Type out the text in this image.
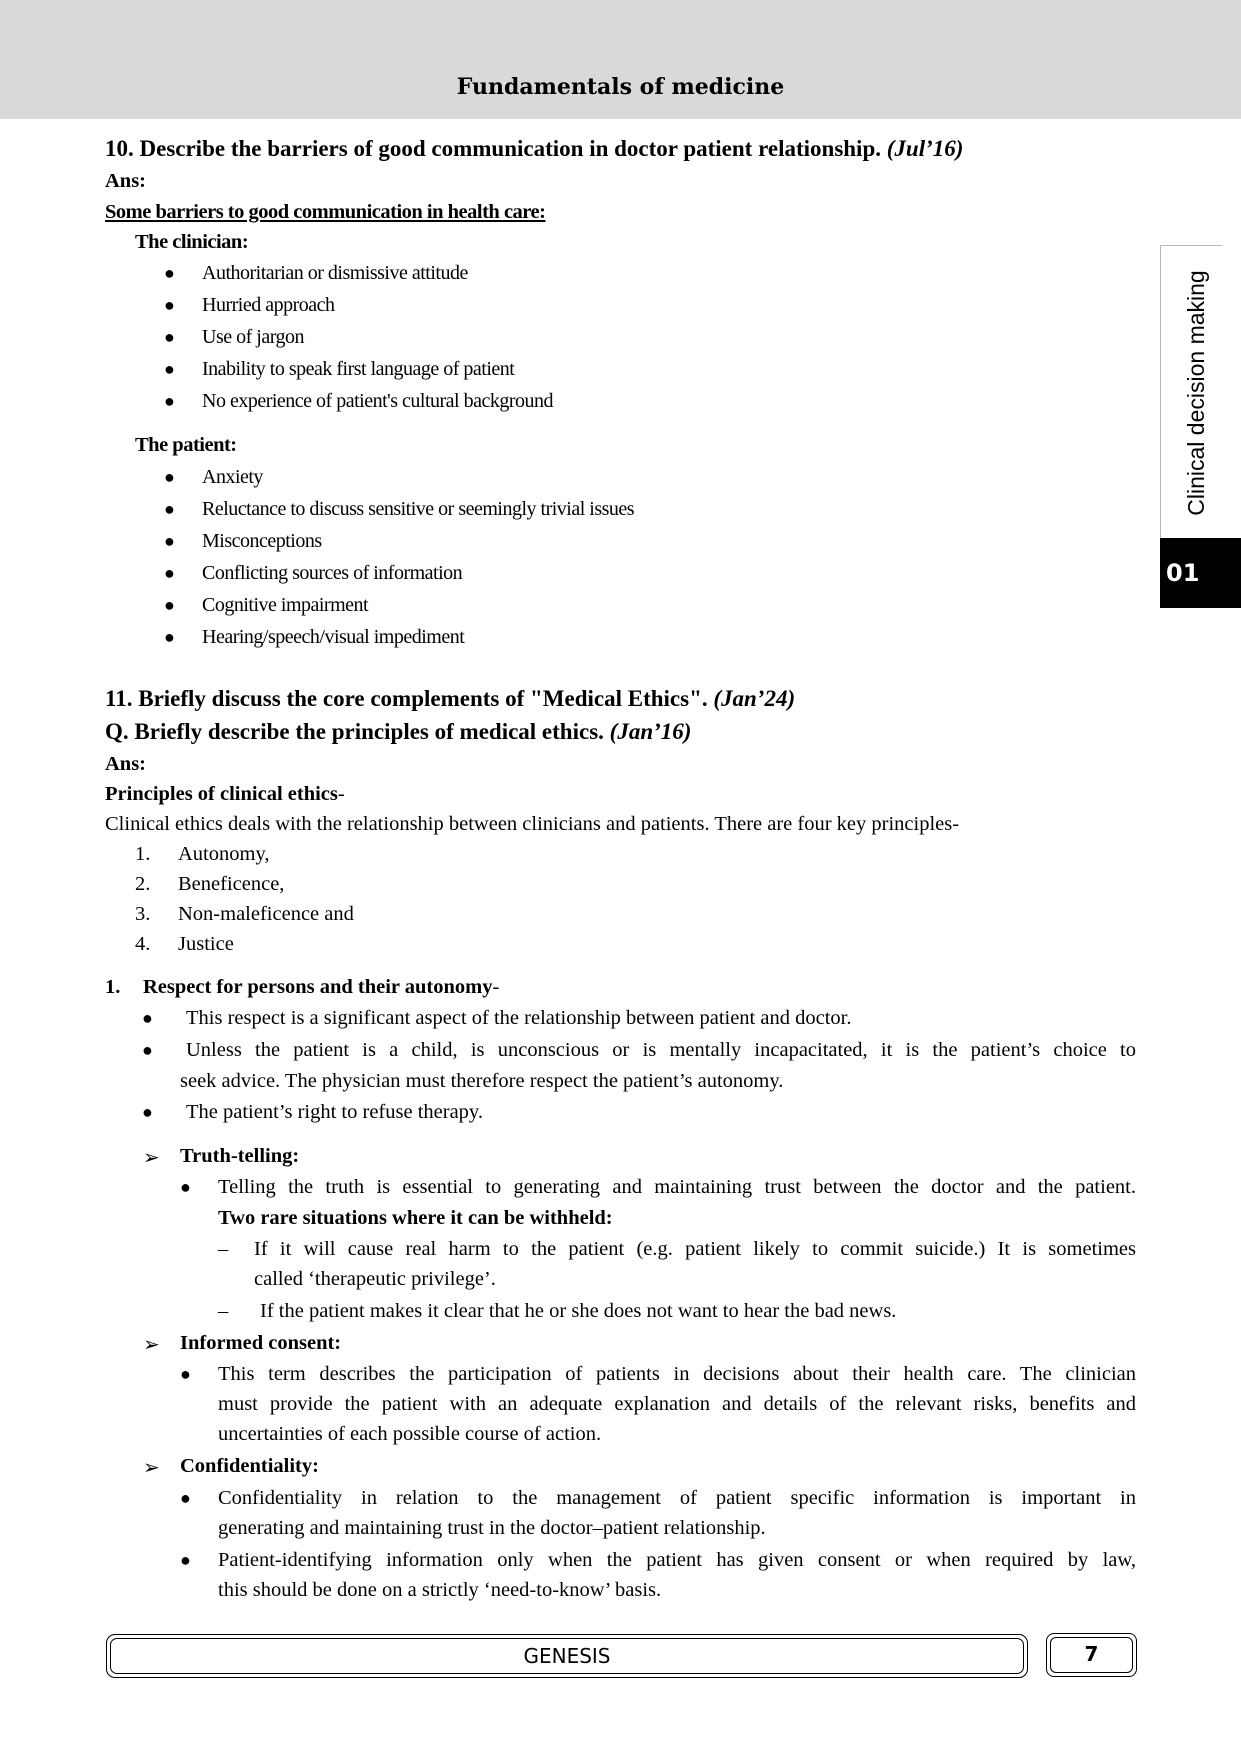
Fundamentals of medicine
Clinical decision making
01
10. Describe the barriers of good communication in doctor patient relationship. (Jul’16)
Ans:
Some barriers to good communication in health care:
The clinician:
● Authoritarian or dismissive attitude
● Hurried approach
● Use of jargon
● Inability to speak first language of patient
● No experience of patient's cultural background
The patient:
● Anxiety
● Reluctance to discuss sensitive or seemingly trivial issues
● Misconceptions
● Conflicting sources of information
● Cognitive impairment
● Hearing/speech/visual impediment
11. Briefly discuss the core complements of "Medical Ethics". (Jan’24)
Q. Briefly describe the principles of medical ethics. (Jan’16)
Ans:
Principles of clinical ethics-
Clinical ethics deals with the relationship between clinicians and patients. There are four key principles-
1. Autonomy,
2. Beneficence,
3. Non-maleficence and
4. Justice
1. Respect for persons and their autonomy-
● This respect is a significant aspect of the relationship between patient and doctor.
● Unless the patient is a child, is unconscious or is mentally incapacitated, it is the patient’s choice to
seek advice. The physician must therefore respect the patient’s autonomy.
● The patient’s right to refuse therapy.
➢ Truth-telling:
● Telling the truth is essential to generating and maintaining trust between the doctor and the patient.
Two rare situations where it can be withheld:
– If it will cause real harm to the patient (e.g. patient likely to commit suicide.) It is sometimes
called ‘therapeutic privilege’.
– If the patient makes it clear that he or she does not want to hear the bad news.
➢ Informed consent:
● This term describes the participation of patients in decisions about their health care. The clinician
must provide the patient with an adequate explanation and details of the relevant risks, benefits and
uncertainties of each possible course of action.
➢ Confidentiality:
● Confidentiality in relation to the management of patient specific information is important in
generating and maintaining trust in the doctor–patient relationship.
● Patient-identifying information only when the patient has given consent or when required by law,
this should be done on a strictly ‘need-to-know’ basis.
GENESIS	7
